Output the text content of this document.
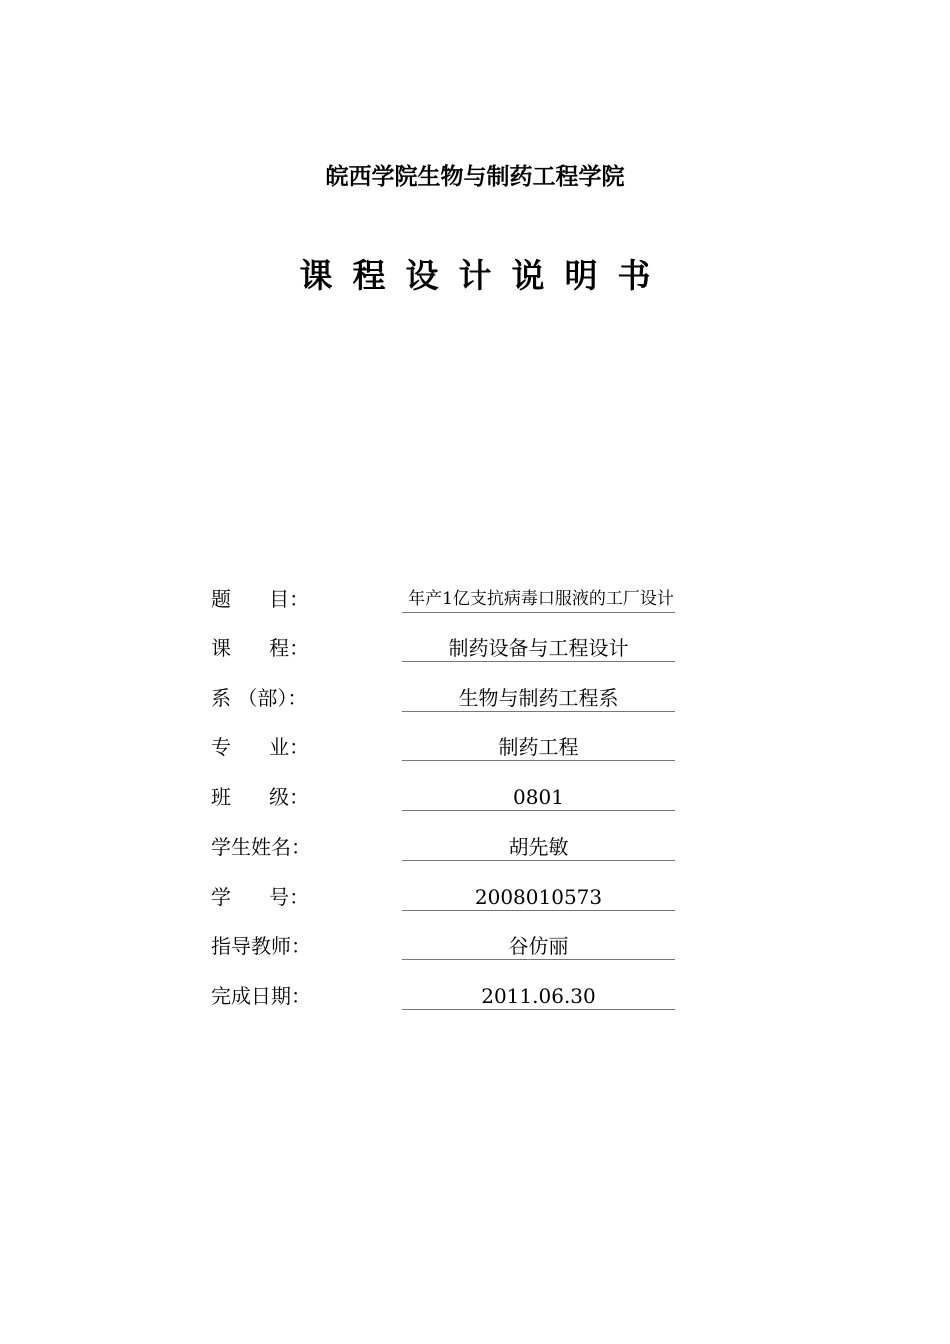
皖西学院生物与制药工程学院
课程设计说明书
题      目：	年产1亿支抗病毒口服液的工厂设计
课      程：	制药设备与工程设计
系 （部）：	生物与制药工程系
专      业：	制药工程
班      级：	0801
学生姓名：	胡先敏
学      号：	2008010573
指导教师：	谷仿丽
完成日期：	2011.06.30
